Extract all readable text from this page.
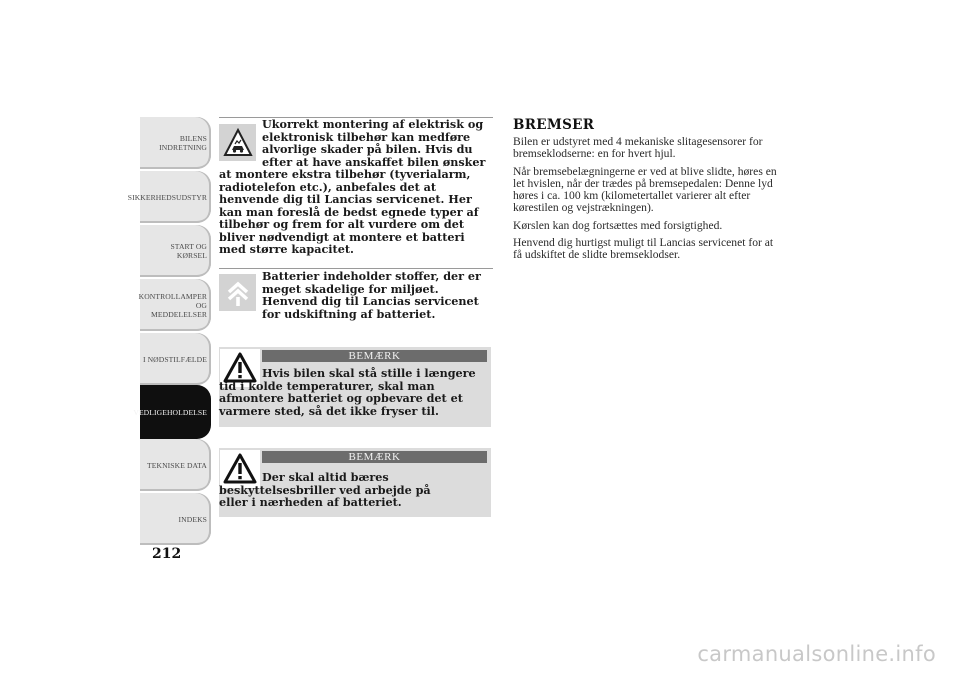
BILENS
INDRETNING
SIKKERHEDSUDSTYR
START OG KØRSEL
KONTROLLAMPER
OG MEDDELELSER
I NØDSTILFÆLDE
VEDLIGEHOLDELSE
TEKNISKE DATA
INDEKS
212

Ukorrekt montering af elektrisk og elektronisk tilbehør kan medføre alvorlige skader på bilen. Hvis du efter at have anskaffet bilen ønsker at montere ekstra tilbehør (tyverialarm, radiotelefon etc.), anbefales det at henvende dig til Lancias servicenet. Her kan man foreslå de bedst egnede typer af tilbehør og frem for alt vurdere om det bliver nødvendigt at montere et batteri med større kapacitet.

Batterier indeholder stoffer, der er meget skadelige for miljøet. Henvend dig til Lancias servicenet for udskiftning af batteriet.

BEMÆRK

Hvis bilen skal stå stille i længere tid i kolde temperaturer, skal man afmontere batteriet og opbevare det et varmere sted, så det ikke fryser til.

BEMÆRK

Der skal altid bæres beskyttelsesbriller ved arbejde på eller i nærheden af batteriet.

BREMSER

Bilen er udstyret med 4 mekaniske slitagesensorer for bremseklodserne: en for hvert hjul.

Når bremsebelægningerne er ved at blive slidte, høres en let hvislen, når der trædes på bremsepedalen: Denne lyd høres i ca. 100 km (kilometertallet varierer alt efter kørestilen og vejstrækningen).

Kørslen kan dog fortsættes med forsigtighed.

Henvend dig hurtigst muligt til Lancias servicenet for at få udskiftet de slidte bremseklodser.

carmanualsonline.info
